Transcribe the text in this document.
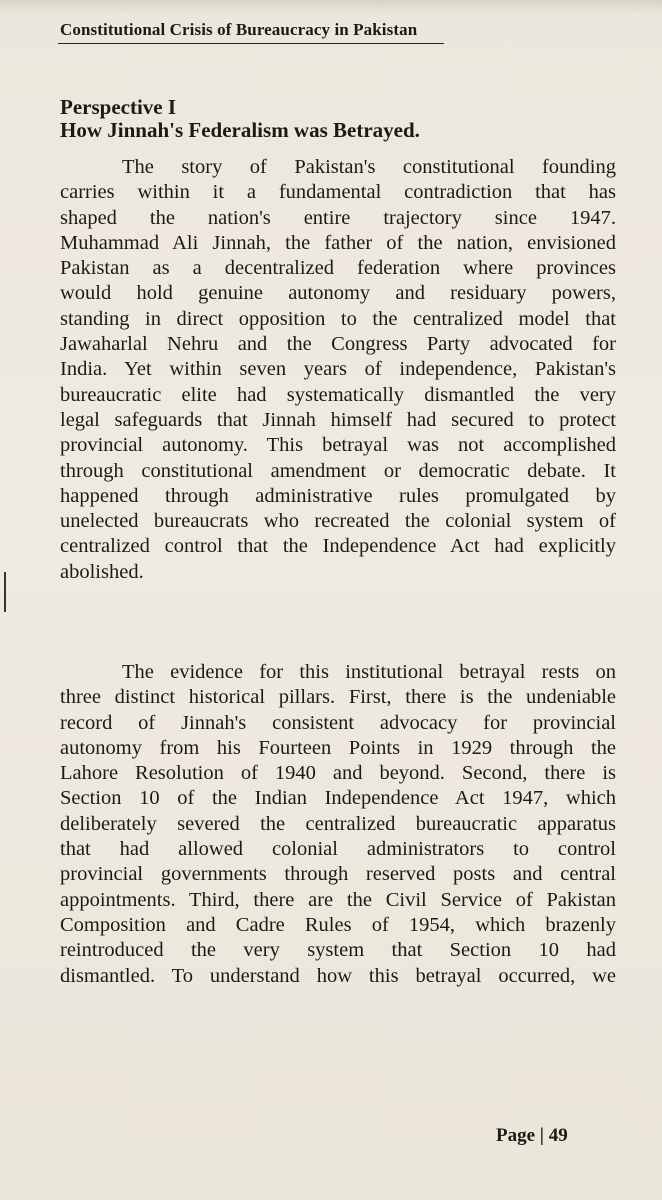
Constitutional Crisis of Bureaucracy in Pakistan
Perspective I
How Jinnah's Federalism was Betrayed.
The story of Pakistan's constitutional founding
carries within it a fundamental contradiction that has
shaped the nation's entire trajectory since 1947.
Muhammad Ali Jinnah, the father of the nation, envisioned
Pakistan as a decentralized federation where provinces
would hold genuine autonomy and residuary powers,
standing in direct opposition to the centralized model that
Jawaharlal Nehru and the Congress Party advocated for
India. Yet within seven years of independence, Pakistan's
bureaucratic elite had systematically dismantled the very
legal safeguards that Jinnah himself had secured to protect
provincial autonomy. This betrayal was not accomplished
through constitutional amendment or democratic debate. It
happened through administrative rules promulgated by
unelected bureaucrats who recreated the colonial system of
centralized control that the Independence Act had explicitly
abolished.
The evidence for this institutional betrayal rests on
three distinct historical pillars. First, there is the undeniable
record of Jinnah's consistent advocacy for provincial
autonomy from his Fourteen Points in 1929 through the
Lahore Resolution of 1940 and beyond. Second, there is
Section 10 of the Indian Independence Act 1947, which
deliberately severed the centralized bureaucratic apparatus
that had allowed colonial administrators to control
provincial governments through reserved posts and central
appointments. Third, there are the Civil Service of Pakistan
Composition and Cadre Rules of 1954, which brazenly
reintroduced the very system that Section 10 had
dismantled. To understand how this betrayal occurred, we
Page | 49
